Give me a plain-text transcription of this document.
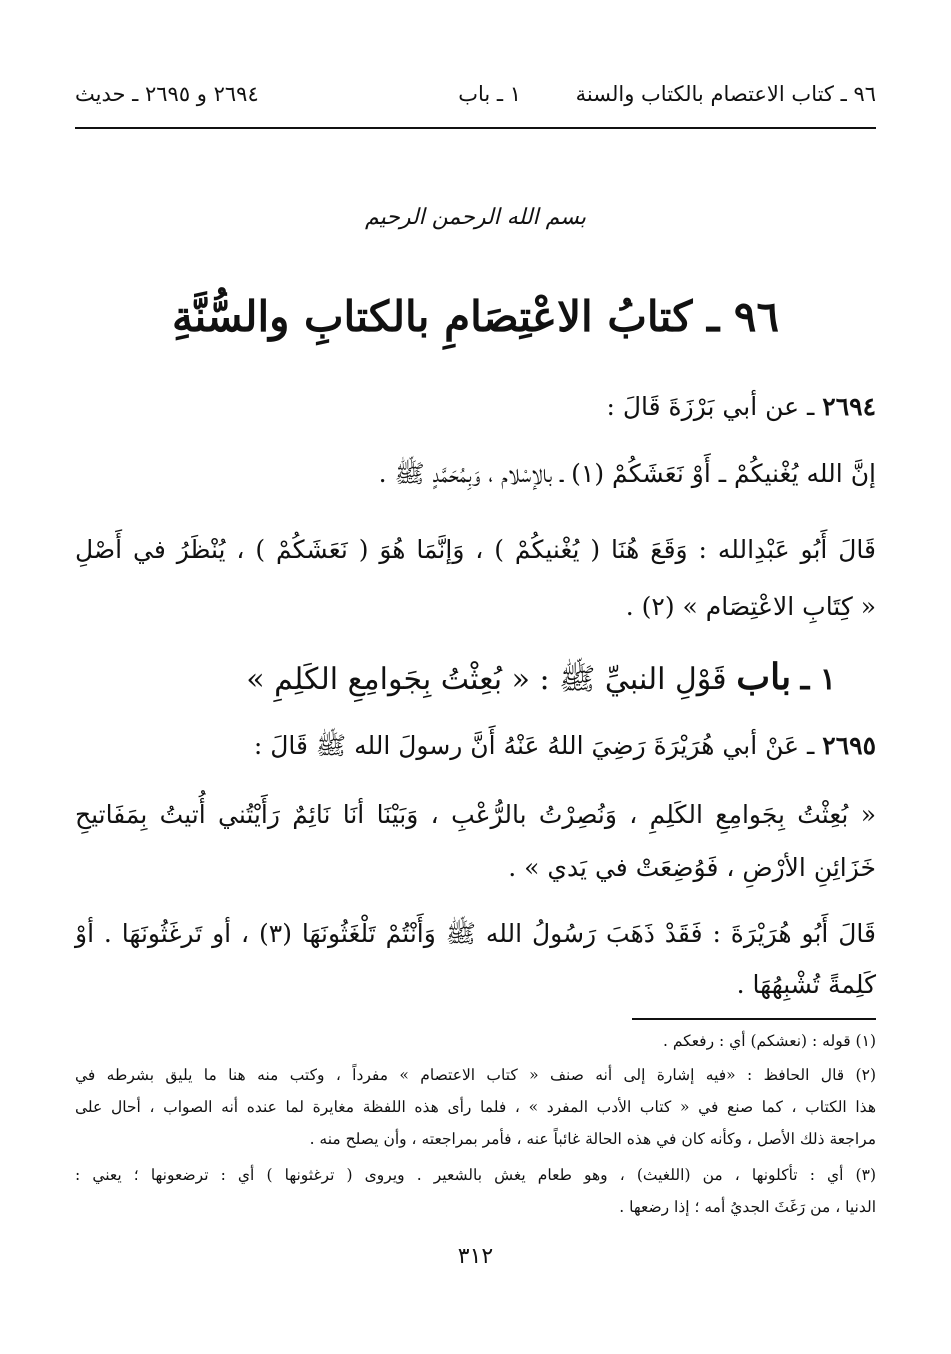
٩٦ ـ كتاب الاعتصام بالكتاب والسنة
١ ـ باب
٢٦٩٤ و ٢٦٩٥ ـ حديث
بسم الله الرحمن الرحيم
٩٦ ـ كتابُ الاعْتِصَامِ بالكتابِ والسُّنَّةِ
٢٦٩٤ ـ عن أبي بَرْزَةَ قَالَ :
إنَّ الله يُغْنيكُمْ ـ أَوْ نَعَشَكُمْ (١) ـ بالإسْلام ، وَبِمُحَمَّدٍ ﷺ .
قَالَ أَبُو عَبْدِالله : وَقَعَ هُنَا ( يُغْنيكُمْ ) ، وَإنَّمَا هُوَ ( نَعَشَكُمْ ) ، يُنْظَرُ في أَصْلِ
« كِتَابِ الاعْتِصَام » (٢) .
١ ـ باب قَوْلِ النبيِّ ﷺ : « بُعِثْتُ بِجَوامِعِ الكَلِمِ »
٢٦٩٥ ـ عَنْ أبي هُرَيْرَةَ رَضِيَ اللهُ عَنْهُ أَنَّ رسولَ الله ﷺ قَالَ :
« بُعِثْتُ بِجَوامِعِ الكَلِمِ ، وَنُصِرْتُ بالرُّعْبِ ، وَبَيْنَا أنَا نَائِمٌ رَأَيْتُني أُتيتُ بِمَفَاتيحِ
خَزَائِنِ الأرْضِ ، فَوُضِعَتْ في يَدي » .
قَالَ أَبُو هُرَيْرَةَ : فَقَدْ ذَهَبَ رَسُولُ الله ﷺ وَأَنْتُمْ تَلْغَثُونَهَا (٣) ، أو تَرغَثُونَهَا . أوْ
كَلِمةً تُشْبِهُهَا .
(١) قوله : (نعشكم) أي : رفعكم .
(٢) قال الحافظ : «فيه إشارة إلى أنه صنف « كتاب الاعتصام » مفرداً ، وكتب منه هنا ما يليق بشرطه في
هذا الكتاب ، كما صنع في « كتاب الأدب المفرد » ، فلما رأى هذه اللفظة مغايرة لما عنده أنه الصواب ، أحال على
مراجعة ذلك الأصل ، وكأنه كان في هذه الحالة غائباً عنه ، فأمر بمراجعته ، وأن يصلح منه .
(٣) أي : تأكلونها ، من (اللغيث) ، وهو طعام يغش بالشعير . ويروى ( ترغثونها ) أي : ترضعونها ؛ يعني :
الدنيا ، من رَغَثَ الجديُ أمه ؛ إذا رضعها .
٣١٢
